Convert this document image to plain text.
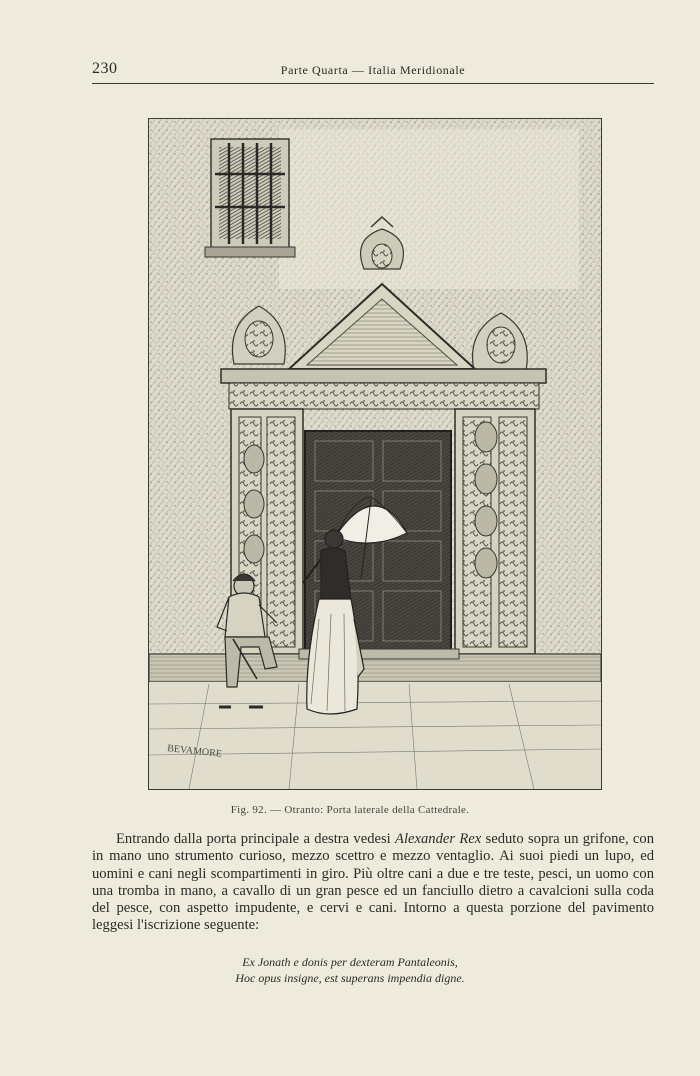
230	Parte Quarta — Italia Meridionale
BEVAMORE
Fig. 92. — Otranto: Porta laterale della Cattedrale.

Entrando dalla porta principale a destra vedesi Alexander Rex seduto sopra un grifone, con in mano uno strumento curioso, mezzo scettro e mezzo ventaglio. Ai suoi piedi un lupo, ed uomini e cani negli scompartimenti in giro. Più oltre cani a due e tre teste, pesci, un uomo con una tromba in mano, a cavallo di un gran pesce ed un fanciullo dietro a cavalcioni sulla coda del pesce, con aspetto impudente, e cervi e cani. Intorno a questa porzione del pavimento leggesi l'iscrizione seguente:

Ex Jonath e donis per dexteram Pantaleonis,
Hoc opus insigne, est superans impendia digne.
